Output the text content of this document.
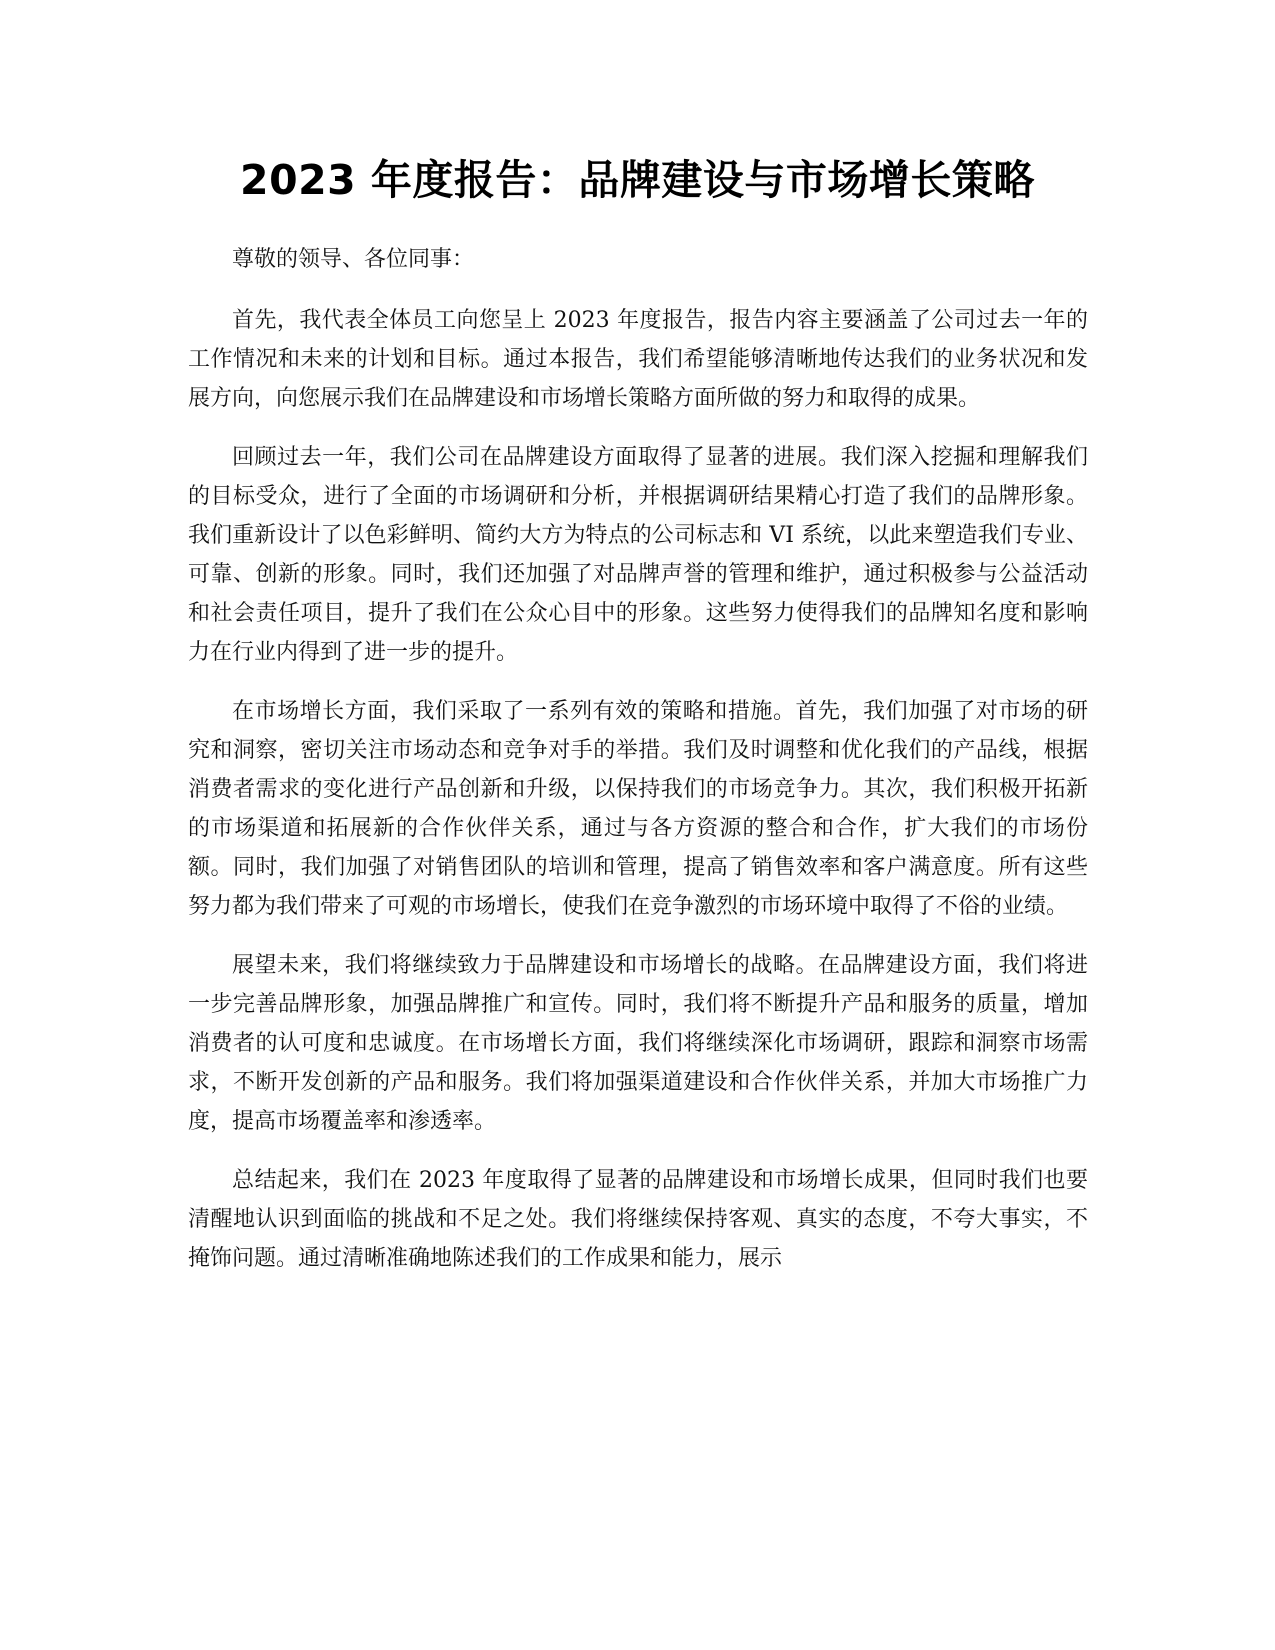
2023 年度报告：品牌建设与市场增长策略

尊敬的领导、各位同事：

首先，我代表全体员工向您呈上 2023 年度报告，报告内容主要涵盖了公司过去一年的工作情况和未来的计划和目标。通过本报告，我们希望能够清晰地传达我们的业务状况和发展方向，向您展示我们在品牌建设和市场增长策略方面所做的努力和取得的成果。

回顾过去一年，我们公司在品牌建设方面取得了显著的进展。我们深入挖掘和理解我们的目标受众，进行了全面的市场调研和分析，并根据调研结果精心打造了我们的品牌形象。我们重新设计了以色彩鲜明、简约大方为特点的公司标志和 VI 系统，以此来塑造我们专业、可靠、创新的形象。同时，我们还加强了对品牌声誉的管理和维护，通过积极参与公益活动和社会责任项目，提升了我们在公众心目中的形象。这些努力使得我们的品牌知名度和影响力在行业内得到了进一步的提升。

在市场增长方面，我们采取了一系列有效的策略和措施。首先，我们加强了对市场的研究和洞察，密切关注市场动态和竞争对手的举措。我们及时调整和优化我们的产品线，根据消费者需求的变化进行产品创新和升级，以保持我们的市场竞争力。其次，我们积极开拓新的市场渠道和拓展新的合作伙伴关系，通过与各方资源的整合和合作，扩大我们的市场份额。同时，我们加强了对销售团队的培训和管理，提高了销售效率和客户满意度。所有这些努力都为我们带来了可观的市场增长，使我们在竞争激烈的市场环境中取得了不俗的业绩。

展望未来，我们将继续致力于品牌建设和市场增长的战略。在品牌建设方面，我们将进一步完善品牌形象，加强品牌推广和宣传。同时，我们将不断提升产品和服务的质量，增加消费者的认可度和忠诚度。在市场增长方面，我们将继续深化市场调研，跟踪和洞察市场需求，不断开发创新的产品和服务。我们将加强渠道建设和合作伙伴关系，并加大市场推广力度，提高市场覆盖率和渗透率。

总结起来，我们在 2023 年度取得了显著的品牌建设和市场增长成果，但同时我们也要清醒地认识到面临的挑战和不足之处。我们将继续保持客观、真实的态度，不夸大事实，不掩饰问题。通过清晰准确地陈述我们的工作成果和能力，展示
